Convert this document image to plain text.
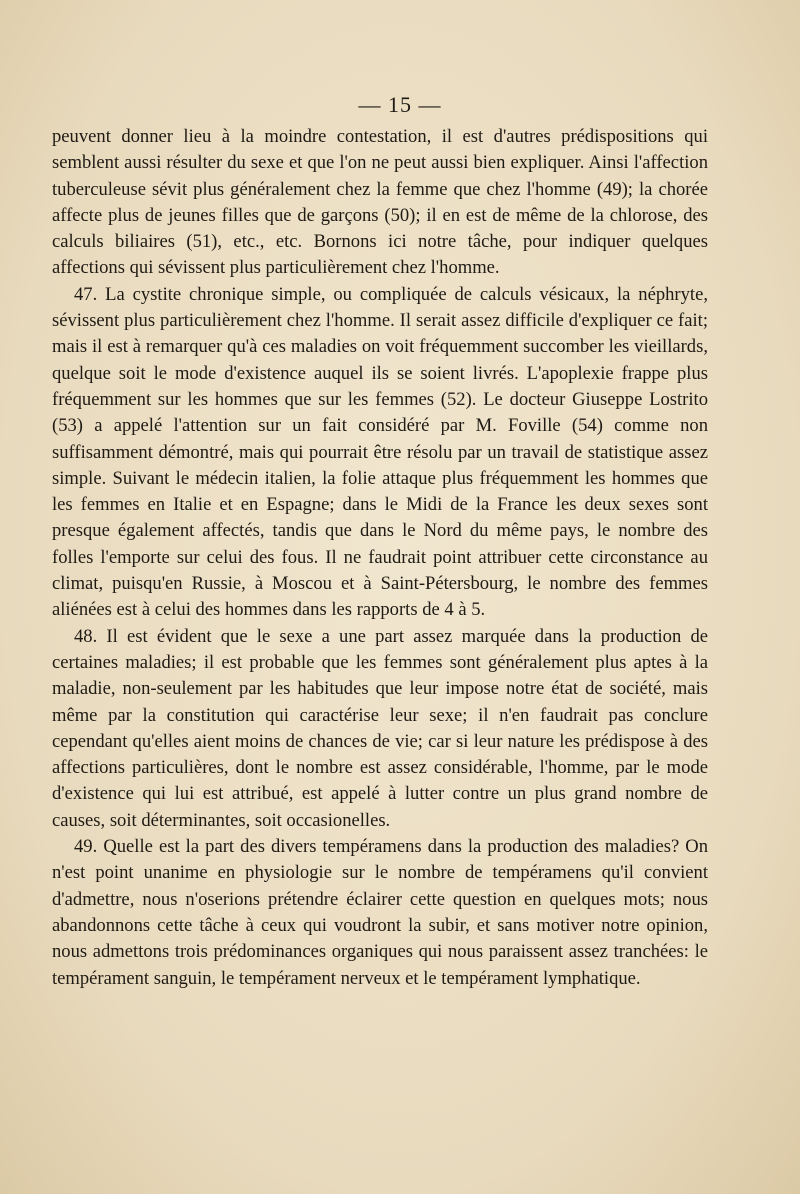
— 15 —

peuvent donner lieu à la moindre contestation, il est d'autres prédispositions qui semblent aussi résulter du sexe et que l'on ne peut aussi bien expliquer. Ainsi l'affection tuberculeuse sévit plus généralement chez la femme que chez l'homme (49); la chorée affecte plus de jeunes filles que de garçons (50); il en est de même de la chlorose, des calculs biliaires (51), etc., etc. Bornons ici notre tâche, pour indiquer quelques affections qui sévissent plus particulièrement chez l'homme.

47. La cystite chronique simple, ou compliquée de calculs vésicaux, la néphryte, sévissent plus particulièrement chez l'homme. Il serait assez difficile d'expliquer ce fait; mais il est à remarquer qu'à ces maladies on voit fréquemment succomber les vieillards, quelque soit le mode d'existence auquel ils se soient livrés. L'apoplexie frappe plus fréquemment sur les hommes que sur les femmes (52). Le docteur Giuseppe Lostrito (53) a appelé l'attention sur un fait considéré par M. Foville (54) comme non suffisamment démontré, mais qui pourrait être résolu par un travail de statistique assez simple. Suivant le médecin italien, la folie attaque plus fréquemment les hommes que les femmes en Italie et en Espagne; dans le Midi de la France les deux sexes sont presque également affectés, tandis que dans le Nord du même pays, le nombre des folles l'emporte sur celui des fous. Il ne faudrait point attribuer cette circonstance au climat, puisqu'en Russie, à Moscou et à Saint-Pétersbourg, le nombre des femmes aliénées est à celui des hommes dans les rapports de 4 à 5.

48. Il est évident que le sexe a une part assez marquée dans la production de certaines maladies; il est probable que les femmes sont généralement plus aptes à la maladie, non-seulement par les habitudes que leur impose notre état de société, mais même par la constitution qui caractérise leur sexe; il n'en faudrait pas conclure cependant qu'elles aient moins de chances de vie; car si leur nature les prédispose à des affections particulières, dont le nombre est assez considérable, l'homme, par le mode d'existence qui lui est attribué, est appelé à lutter contre un plus grand nombre de causes, soit déterminantes, soit occasionelles.

49. Quelle est la part des divers tempéramens dans la production des maladies? On n'est point unanime en physiologie sur le nombre de tempéramens qu'il convient d'admettre, nous n'oserions prétendre éclairer cette question en quelques mots; nous abandonnons cette tâche à ceux qui voudront la subir, et sans motiver notre opinion, nous admettons trois prédominances organiques qui nous paraissent assez tranchées: le tempérament sanguin, le tempérament nerveux et le tempérament lymphatique.
